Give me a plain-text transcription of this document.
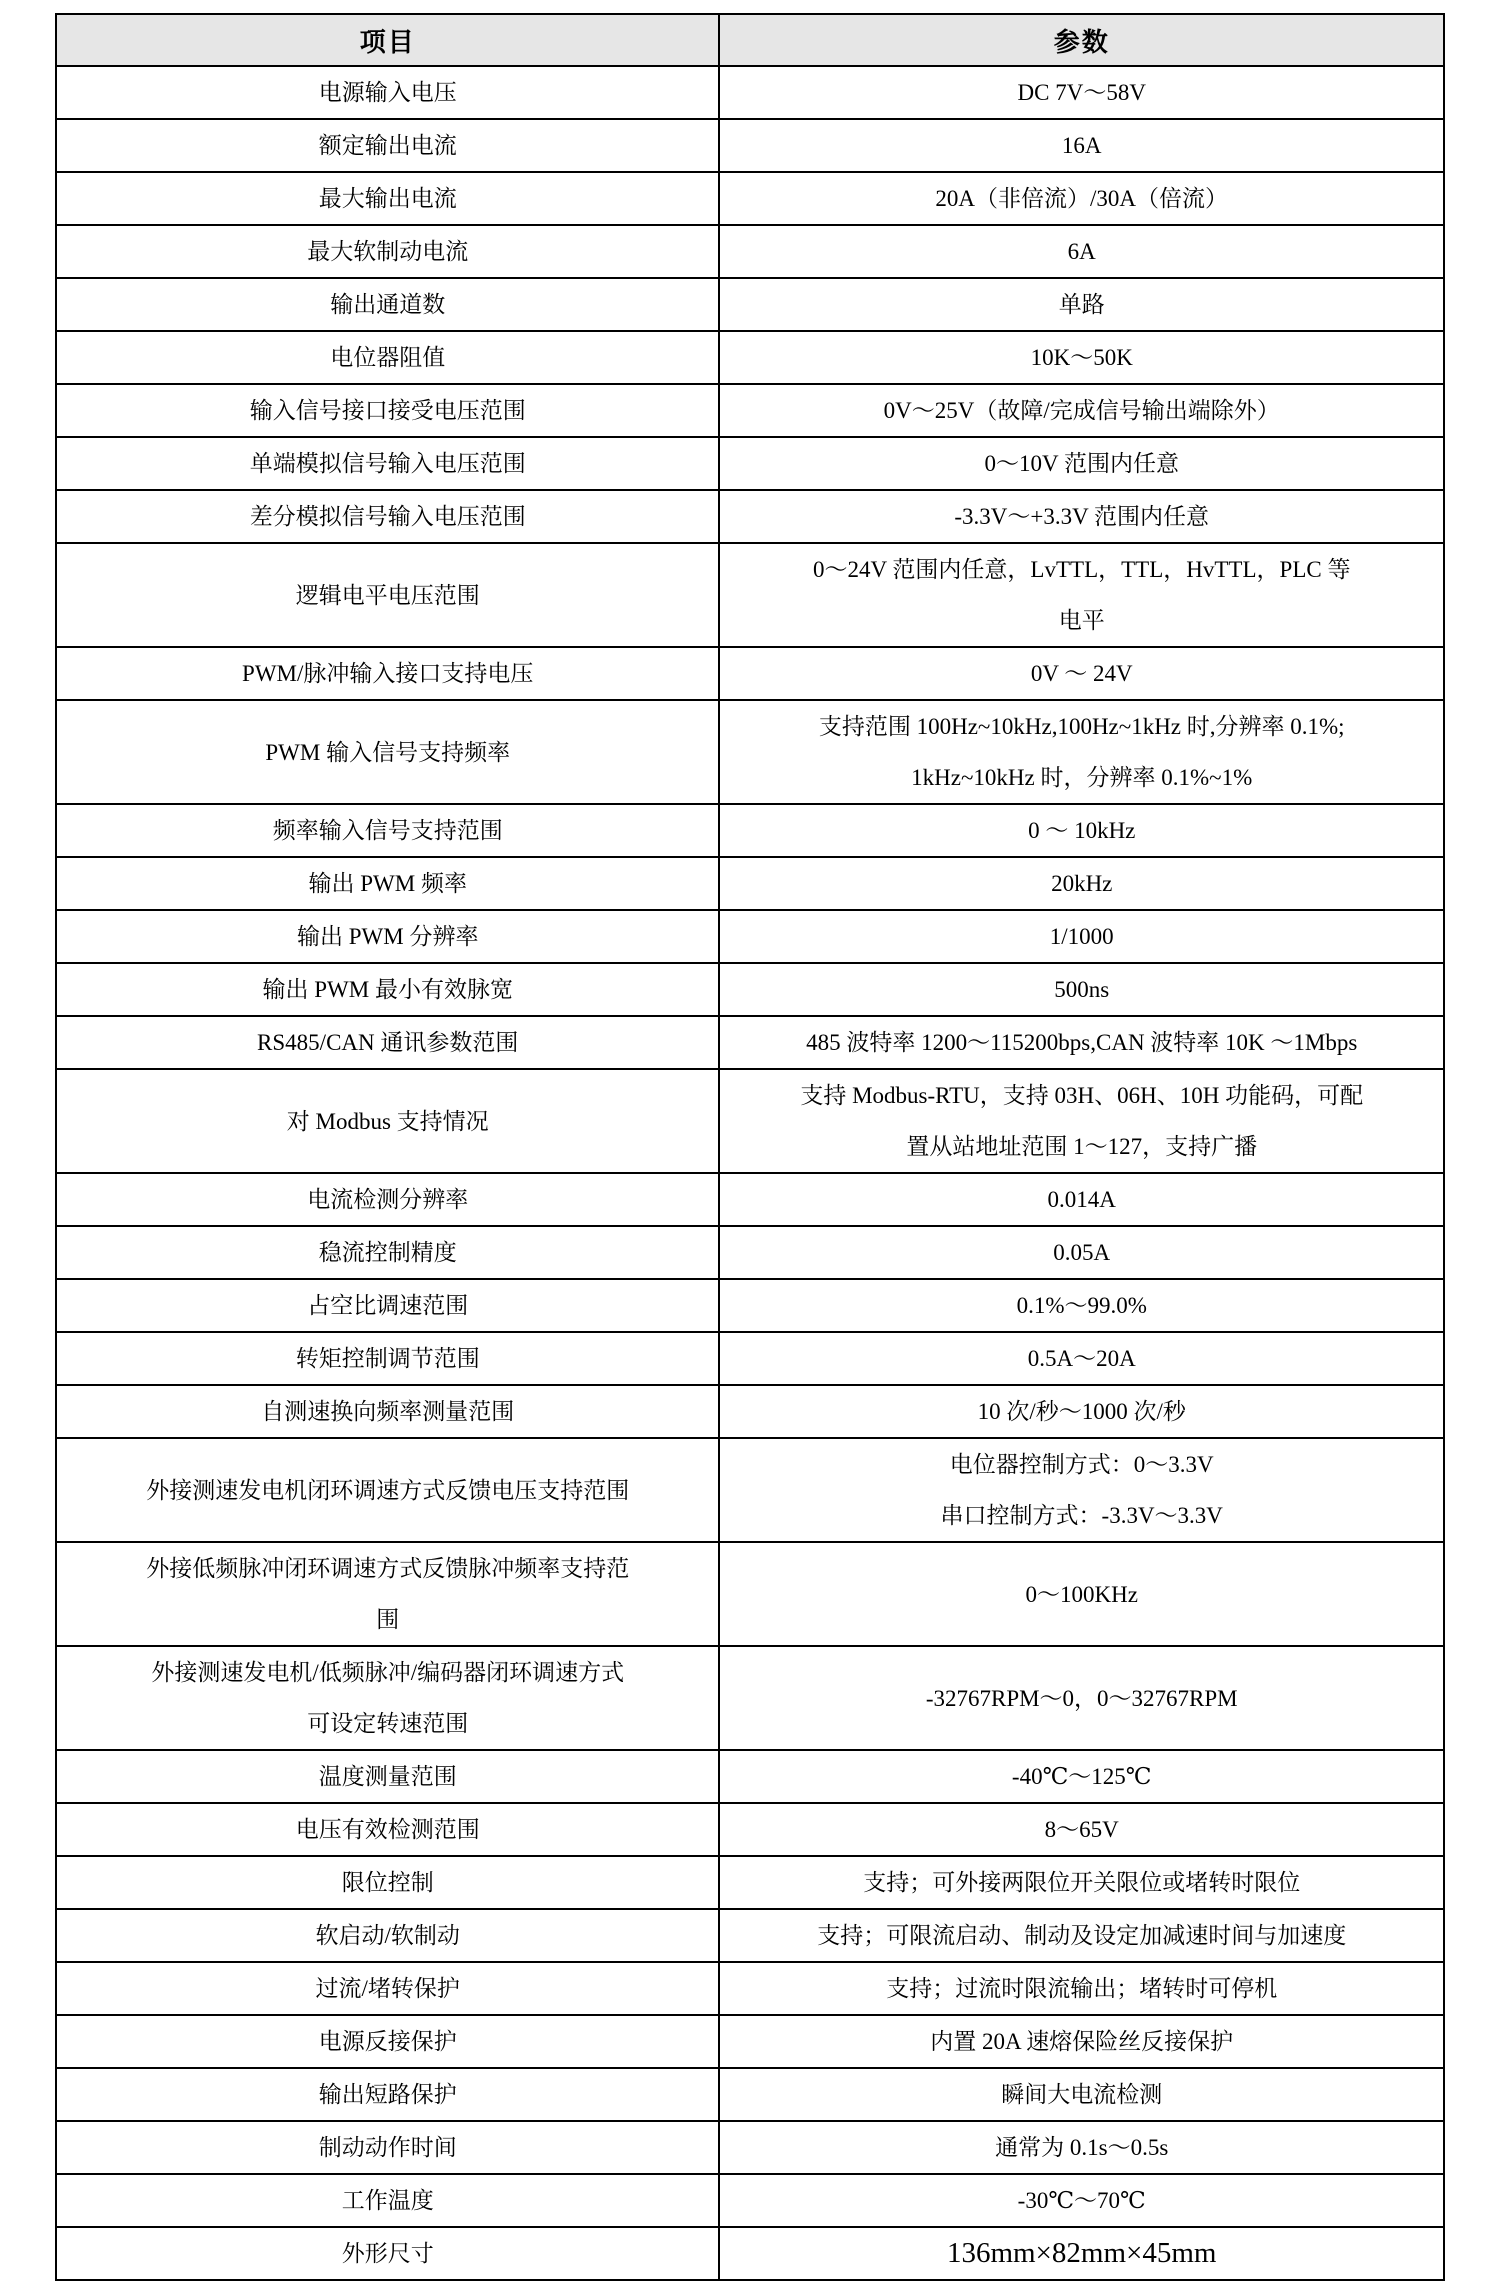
项目	参数

电源输入电压	DC 7V～58V

额定输出电流	16A

最大输出电流	20A（非倍流）/30A（倍流）

最大软制动电流	6A

输出通道数	单路

电位器阻值	10K～50K

输入信号接口接受电压范围	0V～25V（故障/完成信号输出端除外）

单端模拟信号输入电压范围	0～10V 范围内任意

差分模拟信号输入电压范围	-3.3V～+3.3V 范围内任意

逻辑电平电压范围	0～24V 范围内任意，LvTTL，TTL，HvTTL，PLC 等
电平

PWM/脉冲输入接口支持电压	0V ～ 24V

PWM 输入信号支持频率	支持范围 100Hz~10kHz,100Hz~1kHz 时,分辨率 0.1%;
1kHz~10kHz 时，分辨率 0.1%~1%

频率输入信号支持范围	0 ～ 10kHz

输出 PWM 频率	20kHz

输出 PWM 分辨率	1/1000

输出 PWM 最小有效脉宽	500ns

RS485/CAN 通讯参数范围	485 波特率 1200～115200bps,CAN 波特率 10K ～1Mbps

对 Modbus 支持情况	支持 Modbus-RTU，支持 03H、06H、10H 功能码，可配
置从站地址范围 1～127，支持广播

电流检测分辨率	0.014A

稳流控制精度	0.05A

占空比调速范围	0.1%～99.0%

转矩控制调节范围	0.5A～20A

自测速换向频率测量范围	10 次/秒～1000 次/秒

外接测速发电机闭环调速方式反馈电压支持范围	电位器控制方式：0～3.3V
串口控制方式：-3.3V～3.3V

外接低频脉冲闭环调速方式反馈脉冲频率支持范
围	0～100KHz

外接测速发电机/低频脉冲/编码器闭环调速方式
可设定转速范围	-32767RPM～0，0～32767RPM

温度测量范围	-40℃～125℃

电压有效检测范围	8～65V

限位控制	支持；可外接两限位开关限位或堵转时限位

软启动/软制动	支持；可限流启动、制动及设定加减速时间与加速度

过流/堵转保护	支持；过流时限流输出；堵转时可停机

电源反接保护	内置 20A 速熔保险丝反接保护

输出短路保护	瞬间大电流检测

制动动作时间	通常为 0.1s～0.5s

工作温度	-30℃～70℃

外形尺寸	136mm×82mm×45mm
